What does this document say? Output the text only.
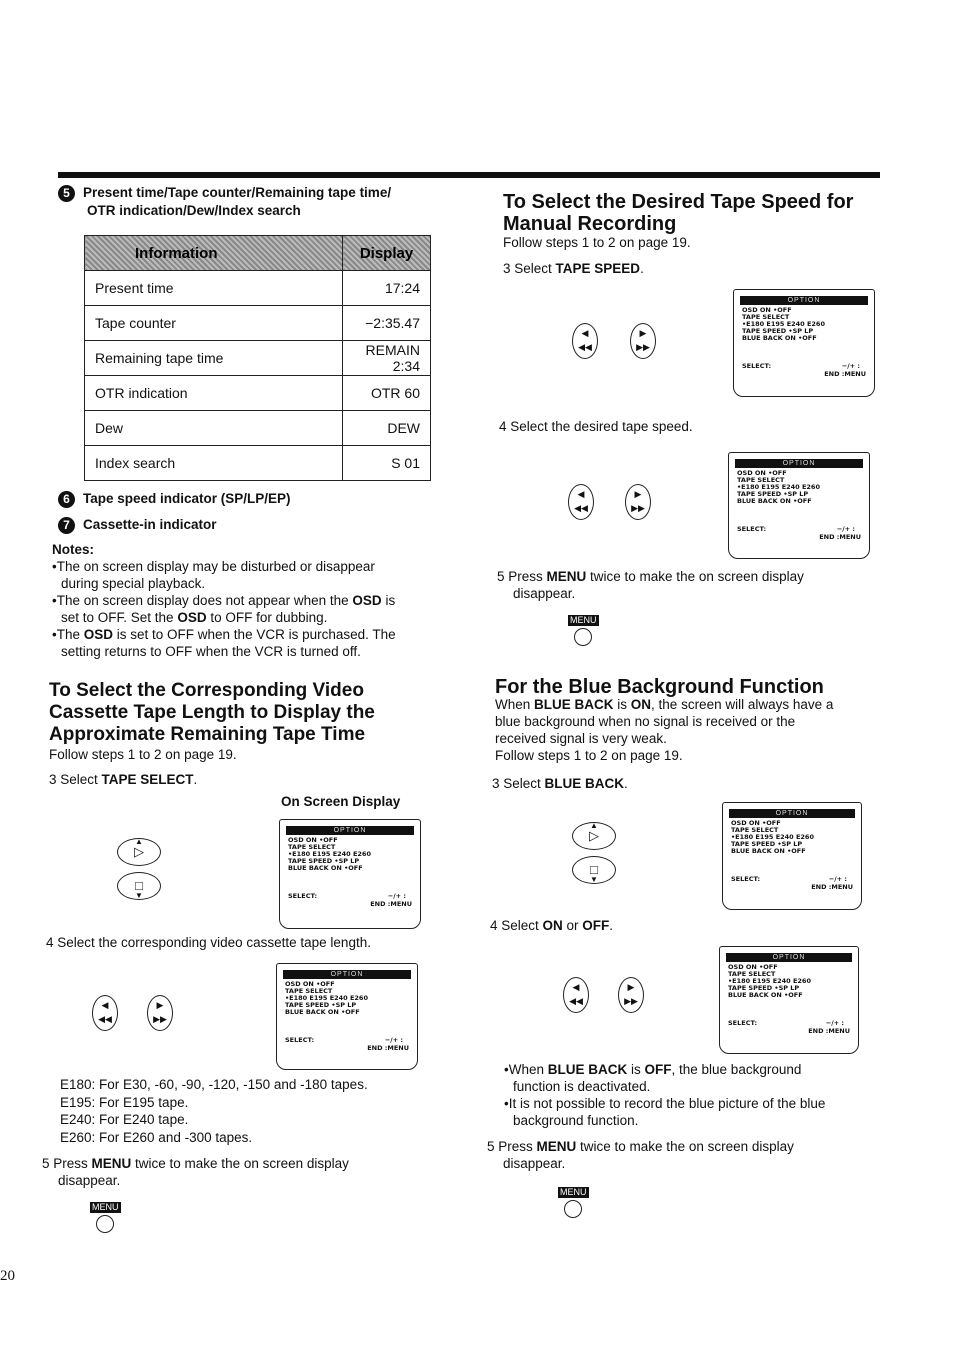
5 Present time/Tape counter/Remaining tape time/
OTR indication/Dew/Index search
Information	Display
Present time	17:24
Tape counter	−2:35.47
Remaining tape time	REMAIN 2:34
OTR indication	OTR 60
Dew	DEW
Index search	S 01
6 Tape speed indicator (SP/LP/EP)
7 Cassette-in indicator
Notes:
•The on screen display may be disturbed or disappear
during special playback.
•The on screen display does not appear when the OSD is
set to OFF. Set the OSD to OFF for dubbing.
•The OSD is set to OFF when the VCR is purchased. The
setting returns to OFF when the VCR is turned off.
To Select the Corresponding Video
Cassette Tape Length to Display the
Approximate Remaining Tape Time
Follow steps 1 to 2 on page 19.
3 Select TAPE SELECT.
On Screen Display
▷
▲
□
▼
OPTION
OSD ON •OFF
TAPE SELECT
•E180 E195 E240 E260
TAPE SPEED •SP LP
BLUE BACK ON •OFF
SELECT:	−/+ :
END :MENU
4 Select the corresponding video cassette tape length.
◀
◀◀
▶
▶▶
OPTION
OSD ON •OFF
TAPE SELECT
•E180 E195 E240 E260
TAPE SPEED •SP LP
BLUE BACK ON •OFF
SELECT:	−/+ :
END :MENU
E180: For E30, -60, -90, -120, -150 and -180 tapes.
E195: For E195 tape.
E240: For E240 tape.
E260: For E260 and -300 tapes.
5 Press MENU twice to make the on screen display
disappear.
MENU
To Select the Desired Tape Speed for
Manual Recording
Follow steps 1 to 2 on page 19.
3 Select TAPE SPEED.
◀
◀◀
▶
▶▶
OPTION
OSD ON •OFF
TAPE SELECT
•E180 E195 E240 E260
TAPE SPEED •SP LP
BLUE BACK ON •OFF
SELECT:	−/+ :
END :MENU
4 Select the desired tape speed.
◀
◀◀
▶
▶▶
OPTION
OSD ON •OFF
TAPE SELECT
•E180 E195 E240 E260
TAPE SPEED •SP LP
BLUE BACK ON •OFF
SELECT:	−/+ :
END :MENU
5 Press MENU twice to make the on screen display
disappear.
MENU
For the Blue Background Function
When BLUE BACK is ON, the screen will always have a
blue background when no signal is received or the
received signal is very weak.
Follow steps 1 to 2 on page 19.
3 Select BLUE BACK.
▷
▲
□
▼
OPTION
OSD ON •OFF
TAPE SELECT
•E180 E195 E240 E260
TAPE SPEED •SP LP
BLUE BACK ON •OFF
SELECT:	−/+ :
END :MENU
4 Select ON or OFF.
◀
◀◀
▶
▶▶
OPTION
OSD ON •OFF
TAPE SELECT
•E180 E195 E240 E260
TAPE SPEED •SP LP
BLUE BACK ON •OFF
SELECT:	−/+ :
END :MENU
•When BLUE BACK is OFF, the blue background
function is deactivated.
•It is not possible to record the blue picture of the blue
background function.
5 Press MENU twice to make the on screen display
disappear.
MENU
20
